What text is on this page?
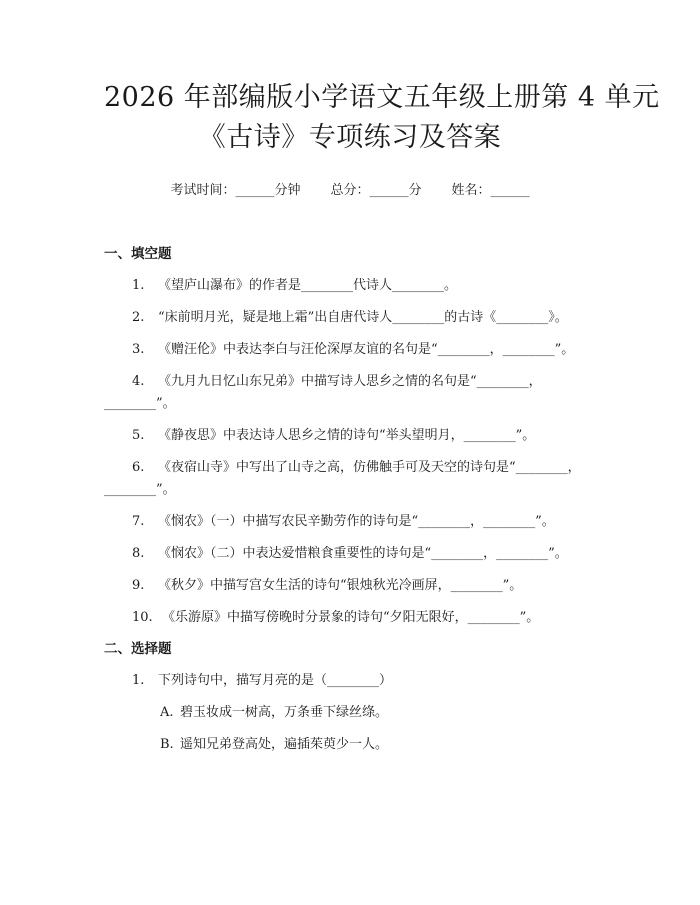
2026 年部编版小学语文五年级上册第 4 单元
《古诗》专项练习及答案
考试时间：______分钟 总分：______分 姓名：______
一、填空题
1. 《望庐山瀑布》的作者是________代诗人________。
2. “床前明月光，疑是地上霜”出自唐代诗人________的古诗《________》。
3. 《赠汪伦》中表达李白与汪伦深厚友谊的名句是“________，________”。
4. 《九月九日忆山东兄弟》中描写诗人思乡之情的名句是“________，________”。
5. 《静夜思》中表达诗人思乡之情的诗句“举头望明月，________”。
6. 《夜宿山寺》中写出了山寺之高，仿佛触手可及天空的诗句是“________，________”。
7. 《悯农》（一）中描写农民辛勤劳作的诗句是“________，________”。
8. 《悯农》（二）中表达爱惜粮食重要性的诗句是“________，________”。
9. 《秋夕》中描写宫女生活的诗句“银烛秋光冷画屏，________”。
10. 《乐游原》中描写傍晚时分景象的诗句“夕阳无限好，________”。
二、选择题
1. 下列诗句中，描写月亮的是（________）
A. 碧玉妆成一树高，万条垂下绿丝绦。
B. 遥知兄弟登高处，遍插茱萸少一人。
